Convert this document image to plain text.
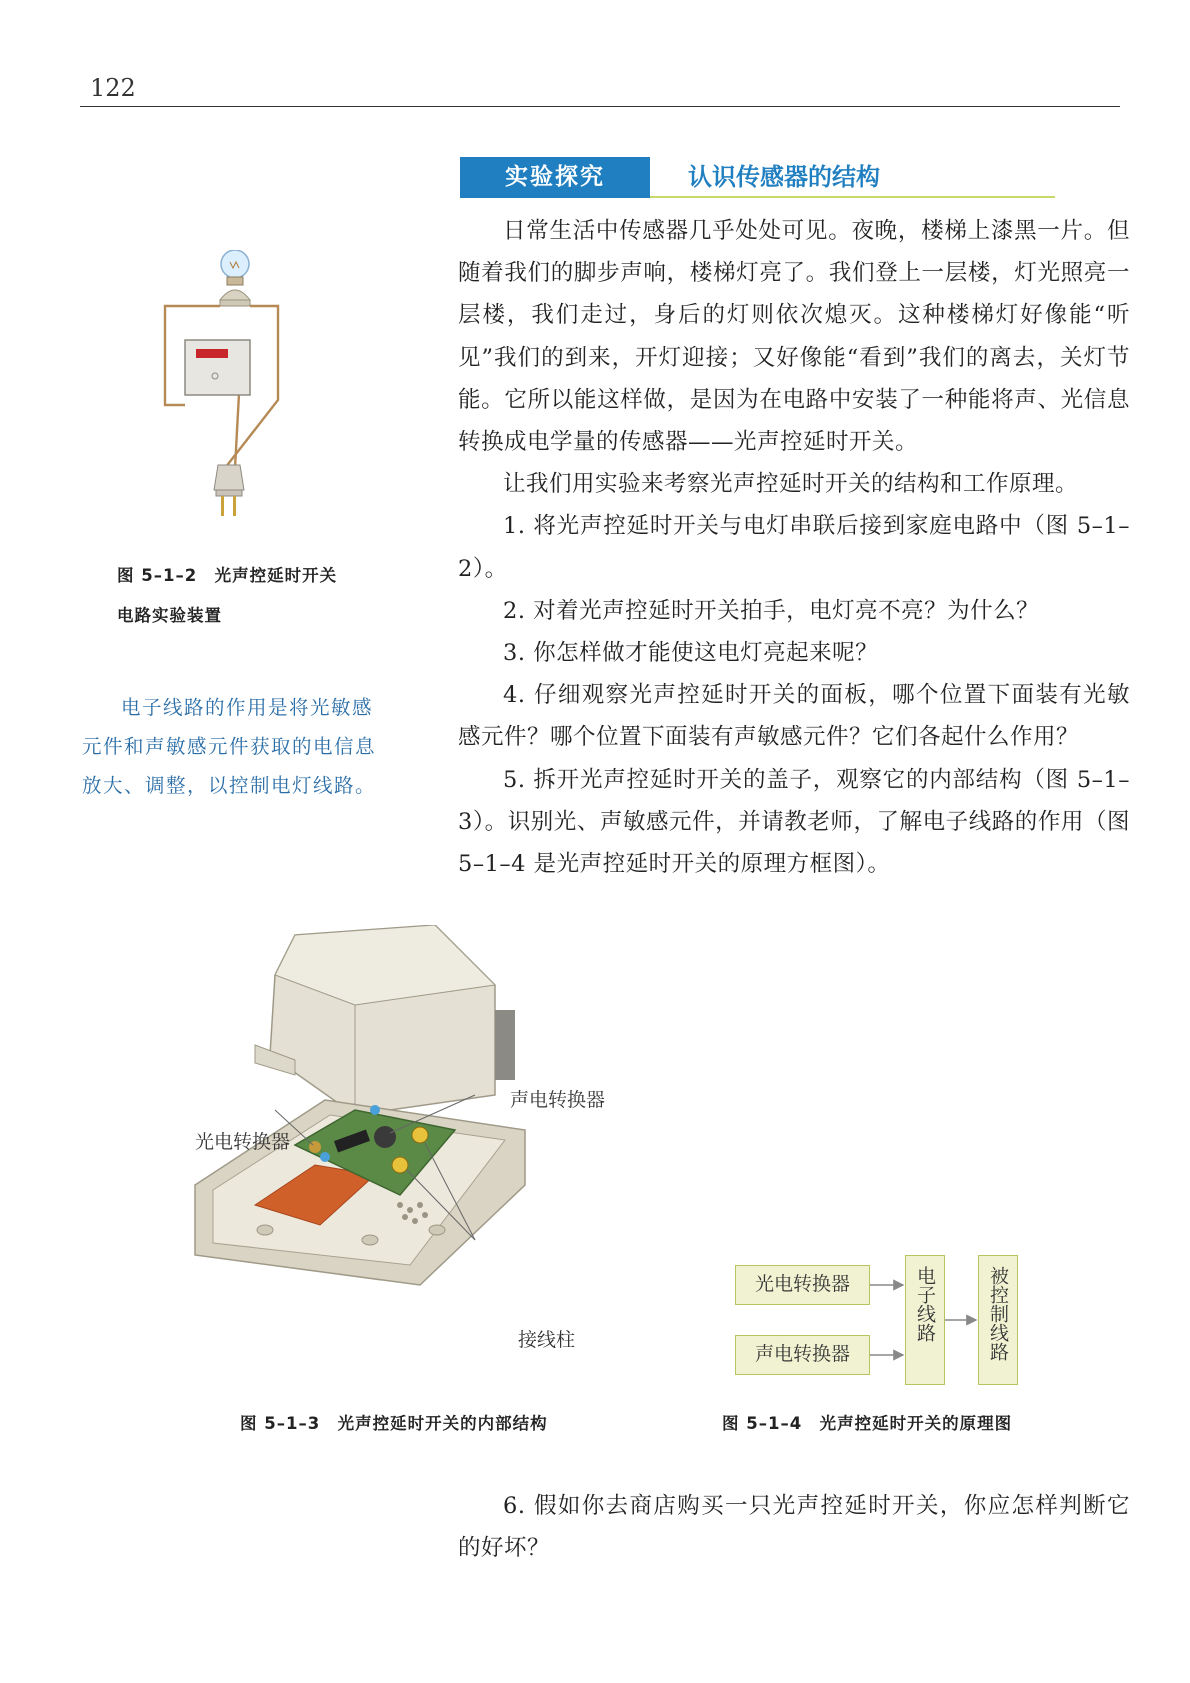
122
实验探究	认识传感器的结构

日常生活中传感器几乎处处可见。夜晚，楼梯上漆黑一片。但随着我们的脚步声响，楼梯灯亮了。我们登上一层楼，灯光照亮一层楼，我们走过，身后的灯则依次熄灭。这种楼梯灯好像能“听见”我们的到来，开灯迎接；又好像能“看到”我们的离去，关灯节能。它所以能这样做，是因为在电路中安装了一种能将声、光信息转换成电学量的传感器——光声控延时开关。

让我们用实验来考察光声控延时开关的结构和工作原理。

1. 将光声控延时开关与电灯串联后接到家庭电路中（图 5–1–2）。

2. 对着光声控延时开关拍手，电灯亮不亮？为什么？

3. 你怎样做才能使这电灯亮起来呢？

4. 仔细观察光声控延时开关的面板，哪个位置下面装有光敏感元件？哪个位置下面装有声敏感元件？它们各起什么作用？

5. 拆开光声控延时开关的盖子，观察它的内部结构（图 5–1–3）。识别光、声敏感元件，并请教老师，了解电子线路的作用（图 5–1–4 是光声控延时开关的原理方框图）。

图 5–1–2　光声控延时开关
电路实验装置

电子线路的作用是将光敏感元件和声敏感元件获取的电信息放大、调整，以控制电灯线路。

声电转换器
光电转换器
接线柱
图 5–1–3　光声控延时开关的内部结构
光电转换器
声电转换器
电子线路	被控制线路
图 5–1–4　光声控延时开关的原理图

6. 假如你去商店购买一只光声控延时开关，你应怎样判断它的好坏？
